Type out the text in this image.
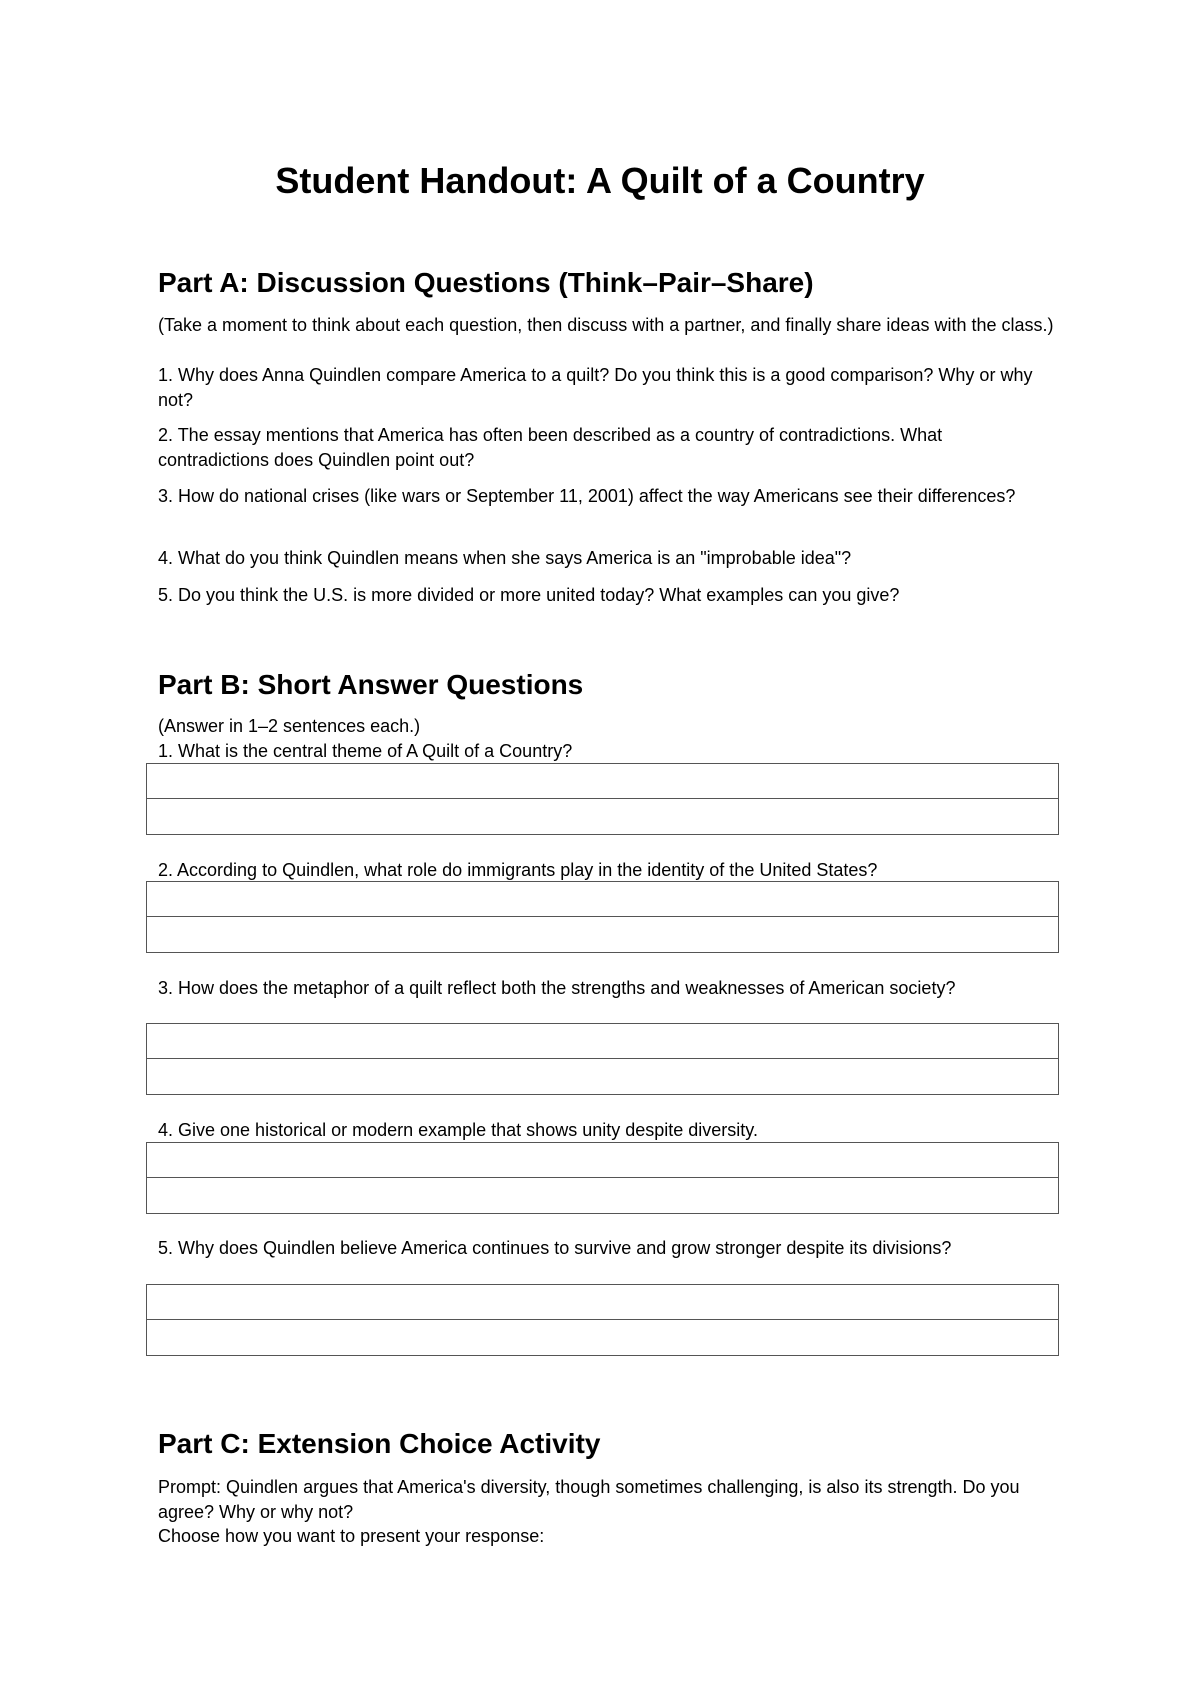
Student Handout: A Quilt of a Country
Part A: Discussion Questions (Think–Pair–Share)
(Take a moment to think about each question, then discuss with a partner, and finally share ideas with the class.)
1. Why does Anna Quindlen compare America to a quilt? Do you think this is a good comparison? Why or why not?
2. The essay mentions that America has often been described as a country of contradictions. What contradictions does Quindlen point out?
3. How do national crises (like wars or September 11, 2001) affect the way Americans see their differences?
4. What do you think Quindlen means when she says America is an "improbable idea"?
5. Do you think the U.S. is more divided or more united today? What examples can you give?
Part B: Short Answer Questions
(Answer in 1–2 sentences each.)
1. What is the central theme of A Quilt of a Country?
2. According to Quindlen, what role do immigrants play in the identity of the United States?
3. How does the metaphor of a quilt reflect both the strengths and weaknesses of American society?
4. Give one historical or modern example that shows unity despite diversity.
5. Why does Quindlen believe America continues to survive and grow stronger despite its divisions?
Part C: Extension Choice Activity
Prompt: Quindlen argues that America's diversity, though sometimes challenging, is also its strength. Do you agree? Why or why not?
Choose how you want to present your response:
